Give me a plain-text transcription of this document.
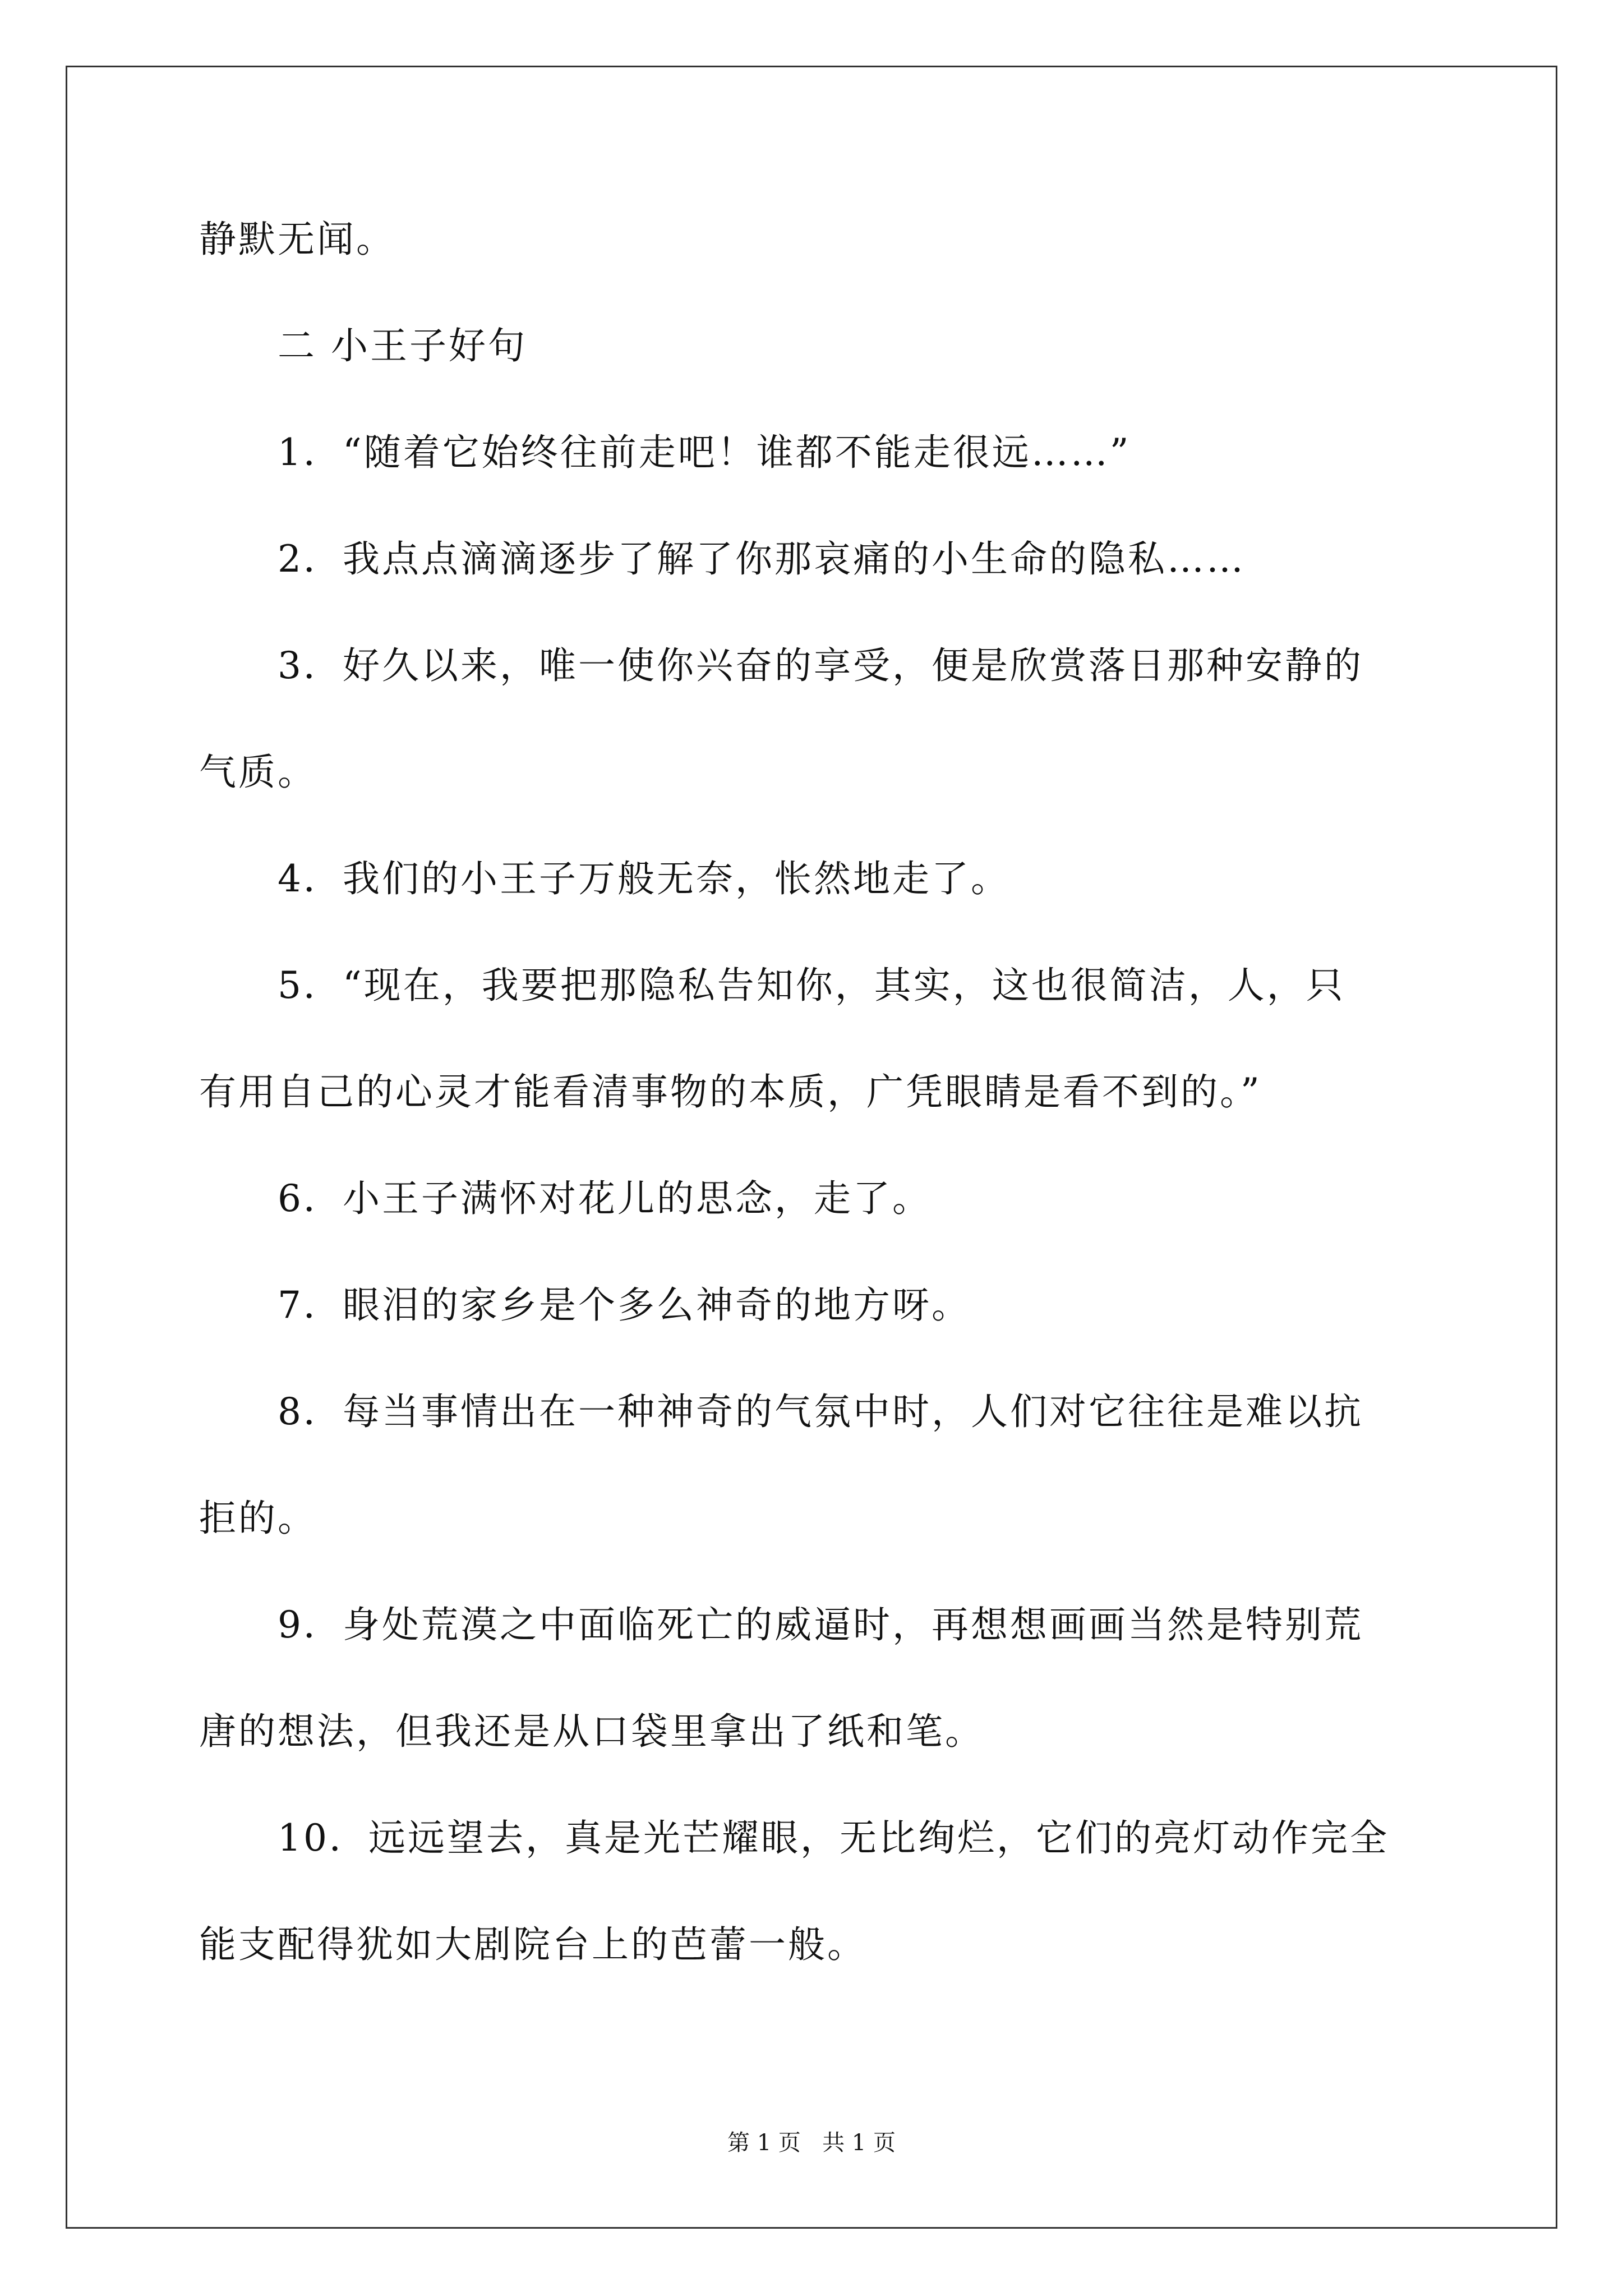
静默无闻。
二 小王子好句
1．“随着它始终往前走吧！谁都不能走很远……”
2．我点点滴滴逐步了解了你那哀痛的小生命的隐私……
3．好久以来，唯一使你兴奋的享受，便是欣赏落日那种安静的
气质。
4．我们的小王子万般无奈，怅然地走了。
5．“现在，我要把那隐私告知你，其实，这也很简洁，人，只
有用自己的心灵才能看清事物的本质，广凭眼睛是看不到的。”
6．小王子满怀对花儿的思念，走了。
7．眼泪的家乡是个多么神奇的地方呀。
8．每当事情出在一种神奇的气氛中时，人们对它往往是难以抗
拒的。
9．身处荒漠之中面临死亡的威逼时，再想想画画当然是特别荒
唐的想法，但我还是从口袋里拿出了纸和笔。
10．远远望去，真是光芒耀眼，无比绚烂，它们的亮灯动作完全
能支配得犹如大剧院台上的芭蕾一般。
第 1 页   共 1 页
